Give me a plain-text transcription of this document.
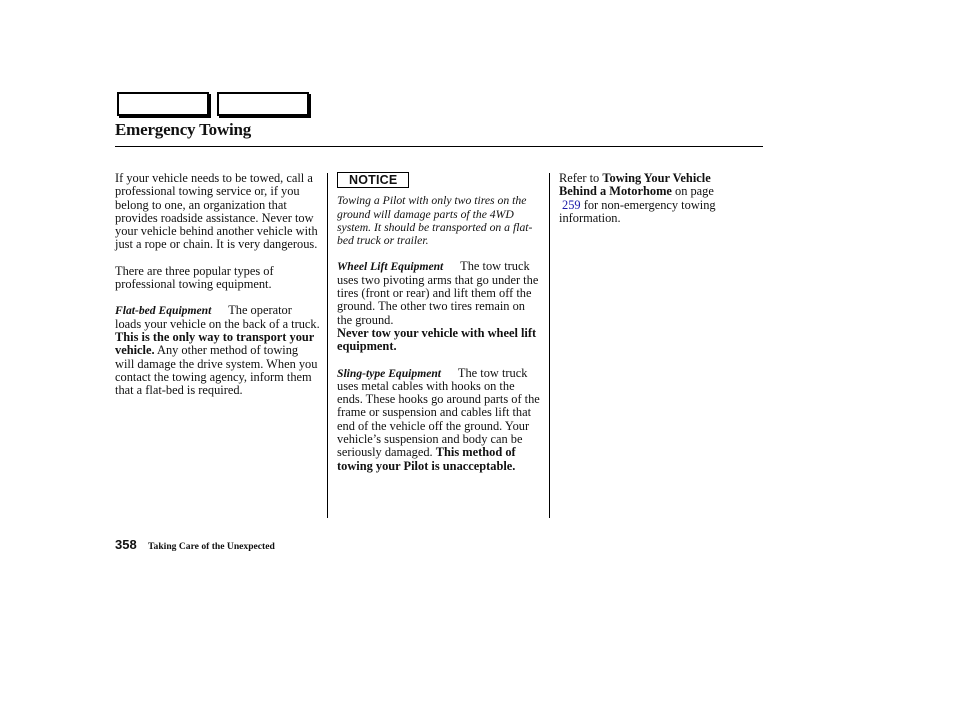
Emergency Towing

If your vehicle needs to be towed, call a professional towing service or, if you belong to one, an organization that provides roadside assistance. Never tow your vehicle behind another vehicle with just a rope or chain. It is very dangerous.

There are three popular types of professional towing equipment.

Flat-bed Equipment The operator loads your vehicle on the back of a truck. This is the only way to transport your vehicle. Any other method of towing will damage the drive system. When you contact the towing agency, inform them that a flat-bed is required.

NOTICE

Towing a Pilot with only two tires on the ground will damage parts of the 4WD system. It should be transported on a flat-bed truck or trailer.

Wheel Lift Equipment The tow truck uses two pivoting arms that go under the tires (front or rear) and lift them off the ground. The other two tires remain on the ground.
Never tow your vehicle with wheel lift equipment.

Sling-type Equipment The tow truck uses metal cables with hooks on the ends. These hooks go around parts of the frame or suspension and cables lift that end of the vehicle off the ground. Your vehicle’s suspension and body can be seriously damaged. This method of towing your Pilot is unacceptable.

Refer to Towing Your Vehicle Behind a Motorhome on page
259 for non-emergency towing information.

358 Taking Care of the Unexpected
